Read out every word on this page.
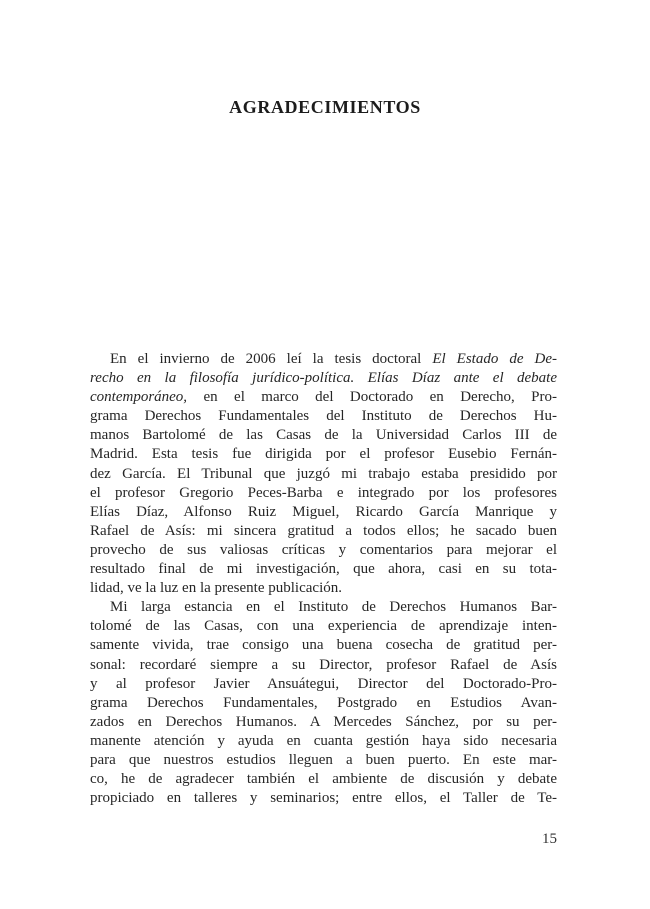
AGRADECIMIENTOS
En el invierno de 2006 leí la tesis doctoral El Estado de De-
recho en la filosofía jurídico-política. Elías Díaz ante el debate
contemporáneo, en el marco del Doctorado en Derecho, Pro-
grama Derechos Fundamentales del Instituto de Derechos Hu-
manos Bartolomé de las Casas de la Universidad Carlos III de
Madrid. Esta tesis fue dirigida por el profesor Eusebio Fernán-
dez García. El Tribunal que juzgó mi trabajo estaba presidido por
el profesor Gregorio Peces-Barba e integrado por los profesores
Elías Díaz, Alfonso Ruiz Miguel, Ricardo García Manrique y
Rafael de Asís: mi sincera gratitud a todos ellos; he sacado buen
provecho de sus valiosas críticas y comentarios para mejorar el
resultado final de mi investigación, que ahora, casi en su tota-
lidad, ve la luz en la presente publicación.
Mi larga estancia en el Instituto de Derechos Humanos Bar-
tolomé de las Casas, con una experiencia de aprendizaje inten-
samente vivida, trae consigo una buena cosecha de gratitud per-
sonal: recordaré siempre a su Director, profesor Rafael de Asís
y al profesor Javier Ansuátegui, Director del Doctorado-Pro-
grama Derechos Fundamentales, Postgrado en Estudios Avan-
zados en Derechos Humanos. A Mercedes Sánchez, por su per-
manente atención y ayuda en cuanta gestión haya sido necesaria
para que nuestros estudios lleguen a buen puerto. En este mar-
co, he de agradecer también el ambiente de discusión y debate
propiciado en talleres y seminarios; entre ellos, el Taller de Te-
15
